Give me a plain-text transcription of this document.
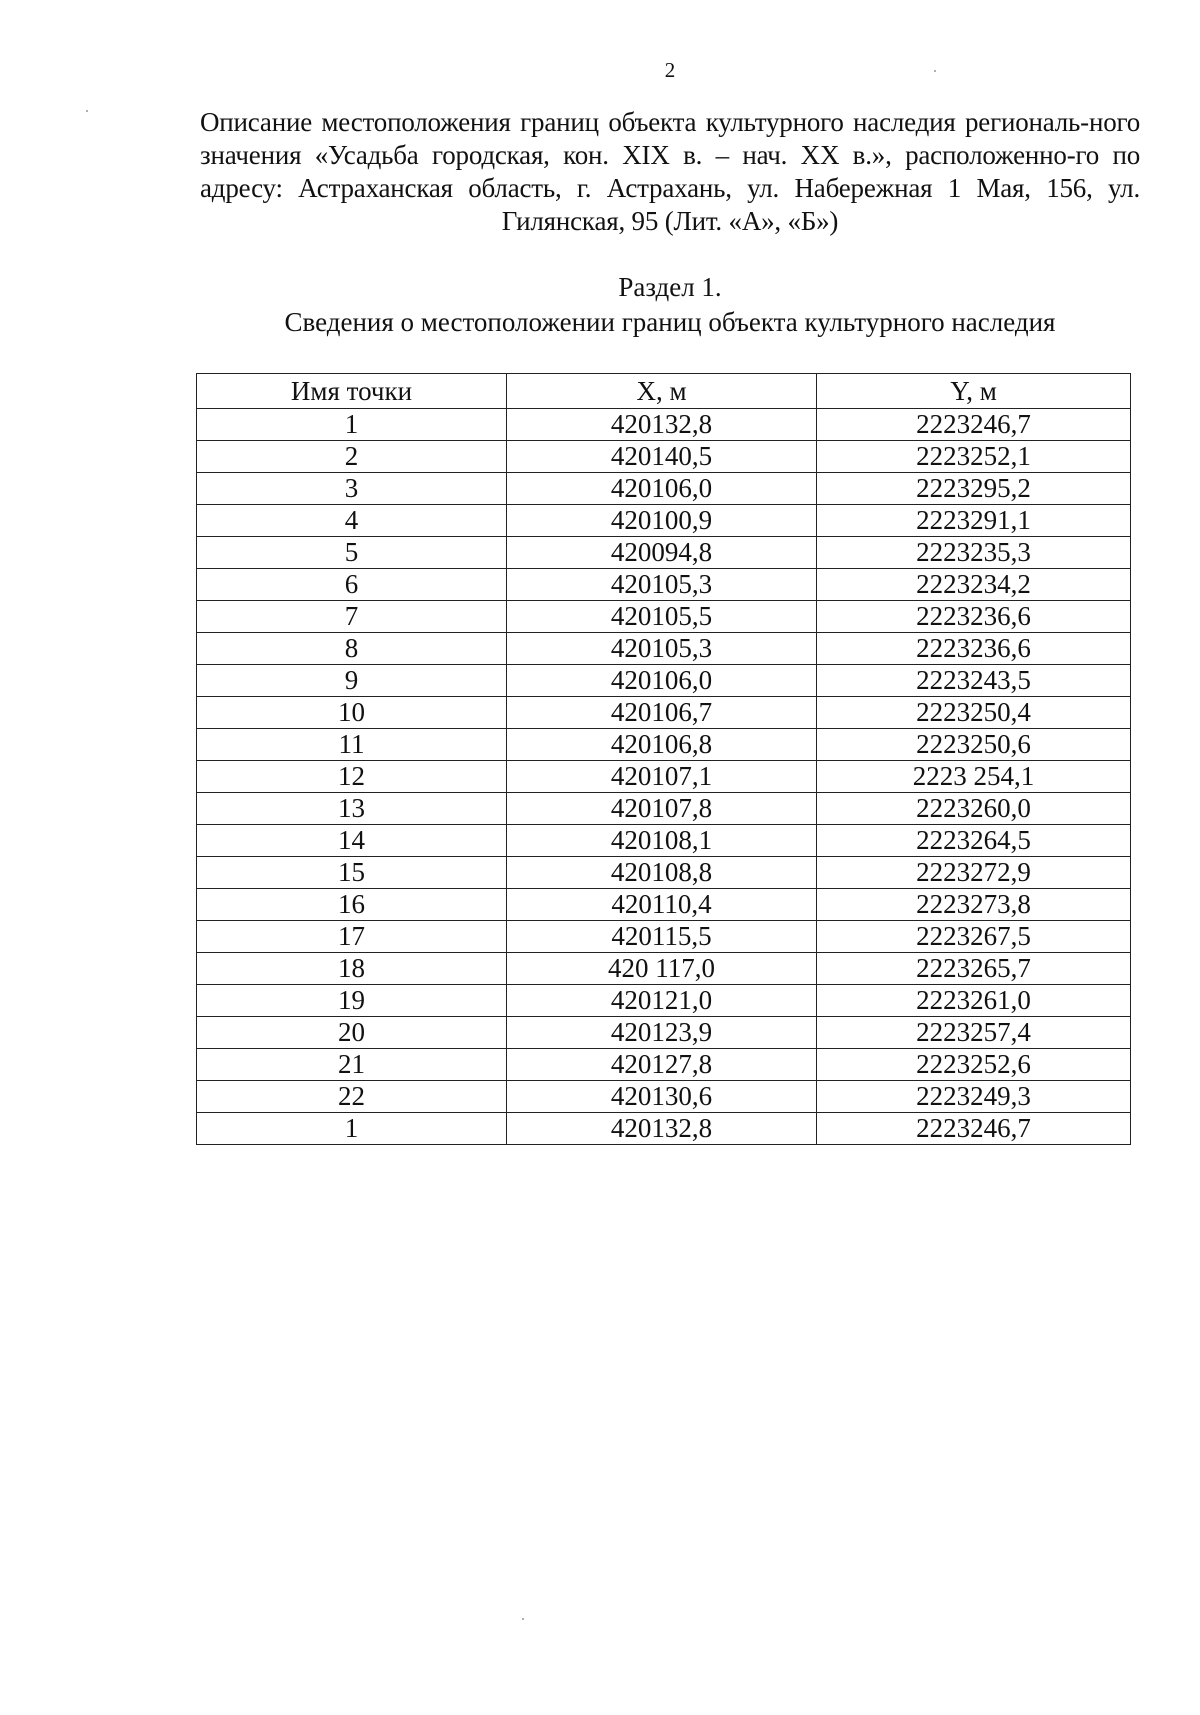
2
Описание местоположения границ объекта культурного наследия региональ-ного значения «Усадьба городская, кон. XIX в. – нач. XX в.», расположенно-го по адресу: Астраханская область, г. Астрахань, ул. Набережная 1 Мая, 156, ул. Гилянская, 95 (Лит. «А», «Б»)
Раздел 1.
Сведения о местоположении границ объекта культурного наследия
Имя точки	X, м	Y, м
1	420132,8	2223246,7
2	420140,5	2223252,1
3	420106,0	2223295,2
4	420100,9	2223291,1
5	420094,8	2223235,3
6	420105,3	2223234,2
7	420105,5	2223236,6
8	420105,3	2223236,6
9	420106,0	2223243,5
10	420106,7	2223250,4
11	420106,8	2223250,6
12	420107,1	2223 254,1
13	420107,8	2223260,0
14	420108,1	2223264,5
15	420108,8	2223272,9
16	420110,4	2223273,8
17	420115,5	2223267,5
18	420 117,0	2223265,7
19	420121,0	2223261,0
20	420123,9	2223257,4
21	420127,8	2223252,6
22	420130,6	2223249,3
1	420132,8	2223246,7
